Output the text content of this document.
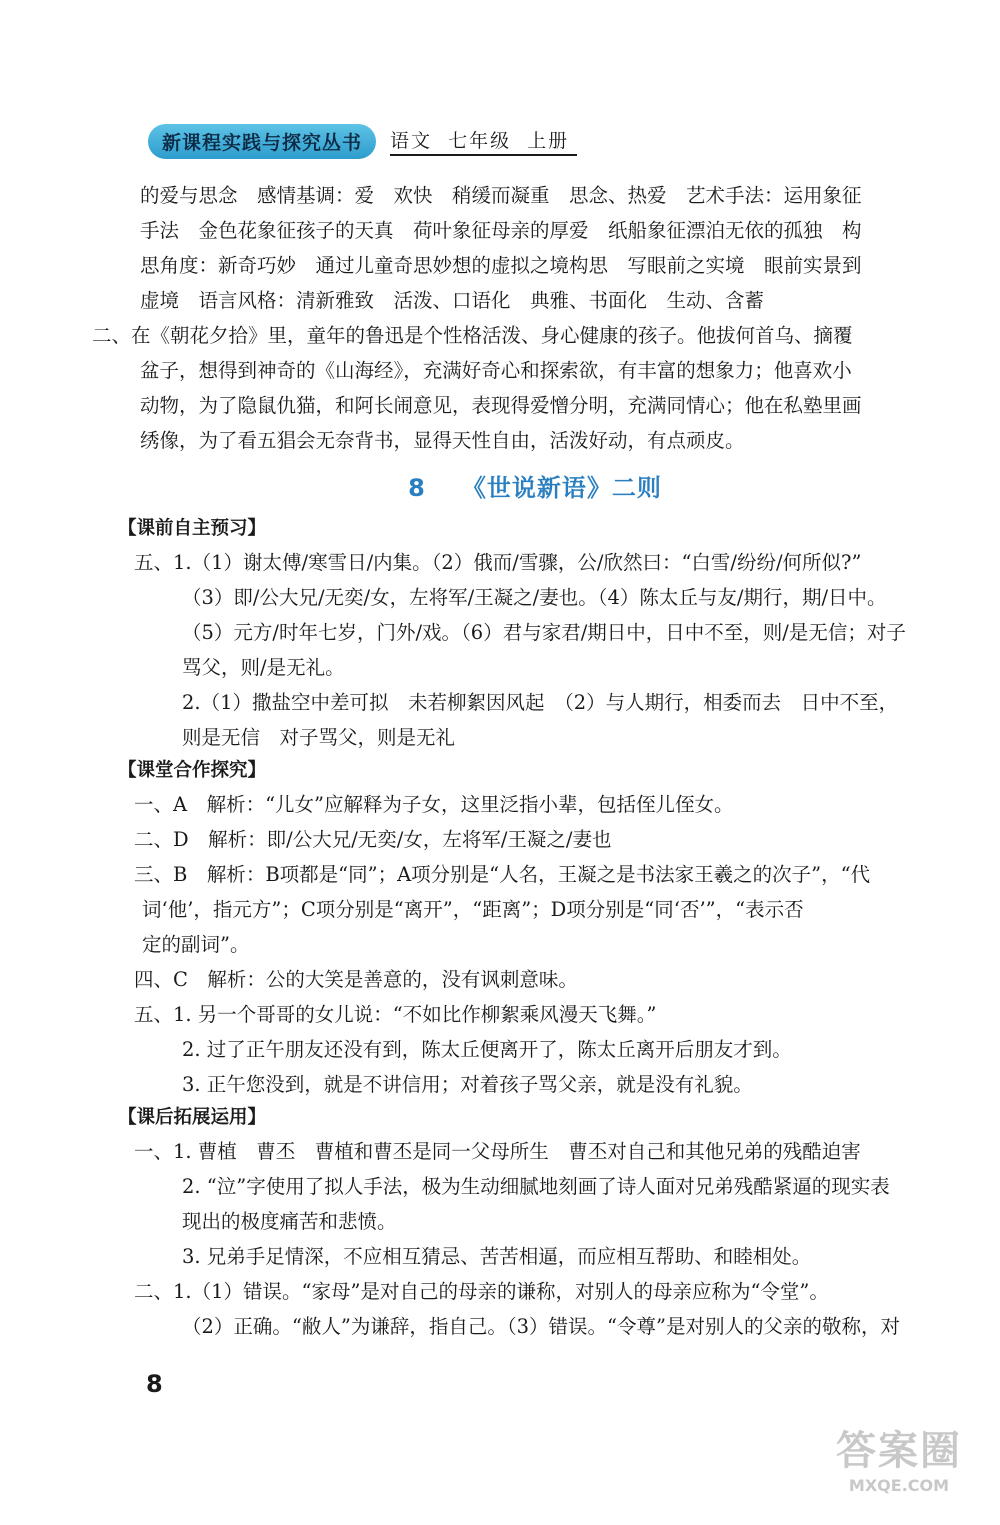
新课程实践与探究丛书	语文 七年级 上册
的爱与思念　感情基调：爱　欢快　稍缓而凝重　思念、热爱　艺术手法：运用象征
手法　金色花象征孩子的天真　荷叶象征母亲的厚爱　纸船象征漂泊无依的孤独　构
思角度：新奇巧妙　通过儿童奇思妙想的虚拟之境构思　写眼前之实境　眼前实景到
虚境　语言风格：清新雅致　活泼、口语化　典雅、书面化　生动、含蓄
二、在《朝花夕拾》里，童年的鲁迅是个性格活泼、身心健康的孩子。他拔何首乌、摘覆
盆子，想得到神奇的《山海经》，充满好奇心和探索欲，有丰富的想象力；他喜欢小
动物，为了隐鼠仇猫，和阿长闹意见，表现得爱憎分明，充满同情心；他在私塾里画
绣像，为了看五猖会无奈背书，显得天性自由，活泼好动，有点顽皮。
8 《世说新语》二则
【课前自主预习】
五、1.（1）谢太傅/寒雪日/内集。（2）俄而/雪骤，公/欣然曰：“白雪/纷纷/何所似?”
（3）即/公大兄/无奕/女，左将军/王凝之/妻也。（4）陈太丘与友/期行，期/日中。
（5）元方/时年七岁，门外/戏。（6）君与家君/期日中，日中不至，则/是无信；对子
骂父，则/是无礼。
2.（1）撒盐空中差可拟　未若柳絮因风起　（2）与人期行，相委而去　日中不至，
则是无信　对子骂父，则是无礼
【课堂合作探究】
一、A　解析：“儿女”应解释为子女，这里泛指小辈，包括侄儿侄女。
二、D　解析：即/公大兄/无奕/女，左将军/王凝之/妻也
三、B　解析：B项都是“同”；A项分别是“人名，王凝之是书法家王羲之的次子”，“代
词‘他’，指元方”；C项分别是“离开”，“距离”；D项分别是“同‘否’”，“表示否
定的副词”。
四、C　解析：公的大笑是善意的，没有讽刺意味。
五、1. 另一个哥哥的女儿说：“不如比作柳絮乘风漫天飞舞。”
2. 过了正午朋友还没有到，陈太丘便离开了，陈太丘离开后朋友才到。
3. 正午您没到，就是不讲信用；对着孩子骂父亲，就是没有礼貌。
【课后拓展运用】
一、1. 曹植　曹丕　曹植和曹丕是同一父母所生　曹丕对自己和其他兄弟的残酷迫害
2. “泣”字使用了拟人手法，极为生动细腻地刻画了诗人面对兄弟残酷紧逼的现实表
现出的极度痛苦和悲愤。
3. 兄弟手足情深，不应相互猜忌、苦苦相逼，而应相互帮助、和睦相处。
二、1.（1）错误。“家母”是对自己的母亲的谦称，对别人的母亲应称为“令堂”。
（2）正确。“敝人”为谦辞，指自己。（3）错误。“令尊”是对别人的父亲的敬称，对
8
答案圈
MXQE.COM
